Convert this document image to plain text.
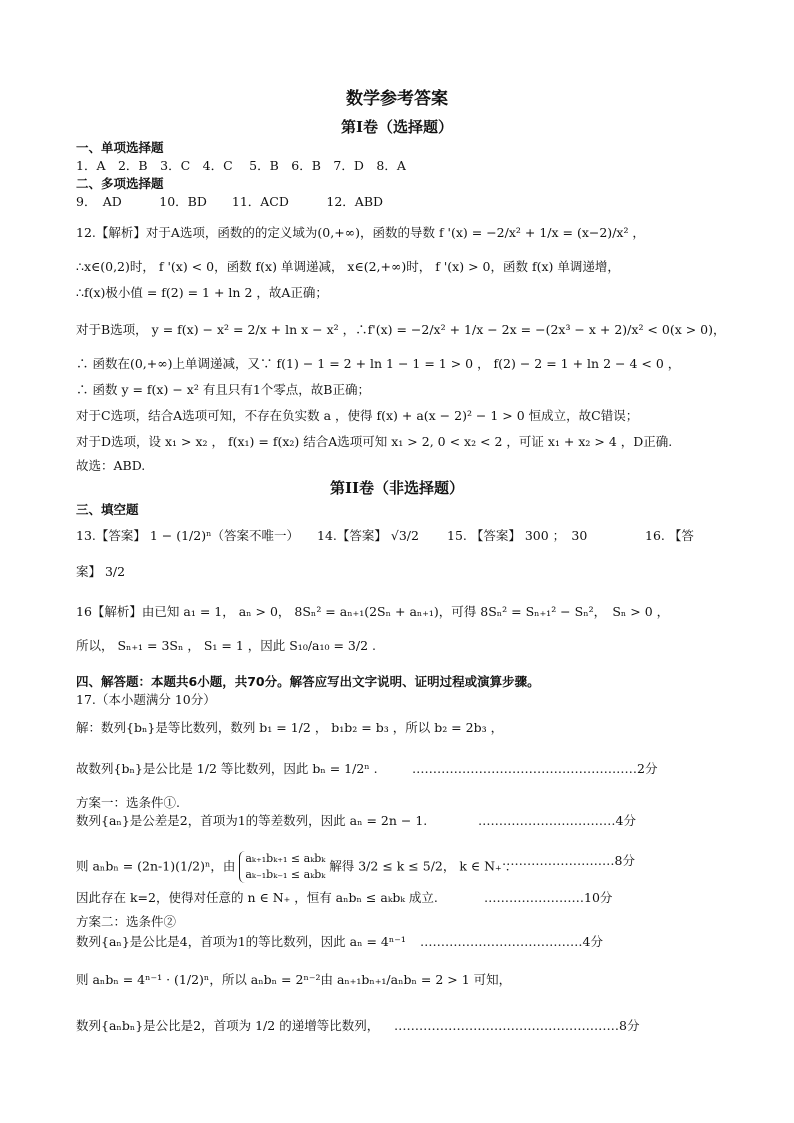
数学参考答案
第Ⅰ卷（选择题）
一、单项选择题
1．A　2．B　3．C　4．C　 5．B　6．B　7．D　8．A
二、多项选择题
9．　AD　　　10．BD　　11．ACD　　　12．ABD
12.【解析】对于A选项，函数的的定义域为(0,+∞)，函数的导数 f '(x) = −2/x² + 1/x = (x−2)/x² ，
∴x∈(0,2)时， f '(x) < 0，函数 f(x) 单调递减， x∈(2,+∞)时， f '(x) > 0，函数 f(x) 单调递增，
∴f(x)极小值 = f(2) = 1 + ln 2 ，故A正确；
对于B选项， y = f(x) − x² = 2/x + ln x − x² ，∴f'(x) = −2/x² + 1/x − 2x = −(2x³ − x + 2)/x² < 0(x > 0)，
∴ 函数在(0,+∞)上单调递减，又∵ f(1) − 1 = 2 + ln 1 − 1 = 1 > 0 ， f(2) − 2 = 1 + ln 2 − 4 < 0 ，
∴ 函数 y = f(x) − x² 有且只有1个零点，故B正确；
对于C选项，结合A选项可知，不存在负实数 a ，使得 f(x) + a(x − 2)² − 1 > 0 恒成立，故C错误；
对于D选项，设 x₁ > x₂ ， f(x₁) = f(x₂) 结合A选项可知 x₁ > 2, 0 < x₂ < 2 ，可证 x₁ + x₂ > 4 ，D正确.
故选：ABD.
第II卷（非选择题）
三、填空题
13.【答案】 1 − (1/2)ⁿ（答案不唯一） 14.【答案】 √3/2 15. 【答案】 300 ；　30	16. 【答
案】 3/2
16【解析】由已知 a₁ = 1， aₙ > 0， 8Sₙ² = aₙ₊₁(2Sₙ + aₙ₊₁)，可得 8Sₙ² = Sₙ₊₁² − Sₙ²，　Sₙ > 0 ，
所以， Sₙ₊₁ = 3Sₙ ， S₁ = 1 ，因此 S₁₀/a₁₀ = 3/2 .
四、解答题：本题共6小题，共70分。解答应写出文字说明、证明过程或演算步骤。
17.（本小题满分 10分）
解：数列{bₙ}是等比数列，数列 b₁ = 1/2 ， b₁b₂ = b₃ ，所以 b₂ = 2b₃ ，
故数列{bₙ}是公比是 1/2 等比数列，因此 bₙ = 1/2ⁿ .	………………………………………………2分
方案一：选条件①.
数列{aₙ}是公差是2，首项为1的等差数列，因此 aₙ = 2n − 1.	……………………………4分
则 aₙbₙ = (2n-1)(1/2)ⁿ，由 aₖ₊₁bₖ₊₁ ≤ aₖbₖ
aₖ₋₁bₖ₋₁ ≤ aₖbₖ
解得 3/2 ≤ k ≤ 5/2， k ∈ N₊ .
………………………8分
因此存在 k=2，使得对任意的 n ∈ N₊ ，恒有 aₙbₙ ≤ aₖbₖ 成立.	……………………10分
方案二：选条件②
数列{aₙ}是公比是4，首项为1的等比数列，因此 aₙ = 4ⁿ⁻¹ …………………………………4分
则 aₙbₙ = 4ⁿ⁻¹ · (1/2)ⁿ，所以 aₙbₙ = 2ⁿ⁻²由 aₙ₊₁bₙ₊₁/aₙbₙ = 2 > 1 可知，
数列{aₙbₙ}是公比是2，首项为 1/2 的递增等比数列， ………………………………………………8分
